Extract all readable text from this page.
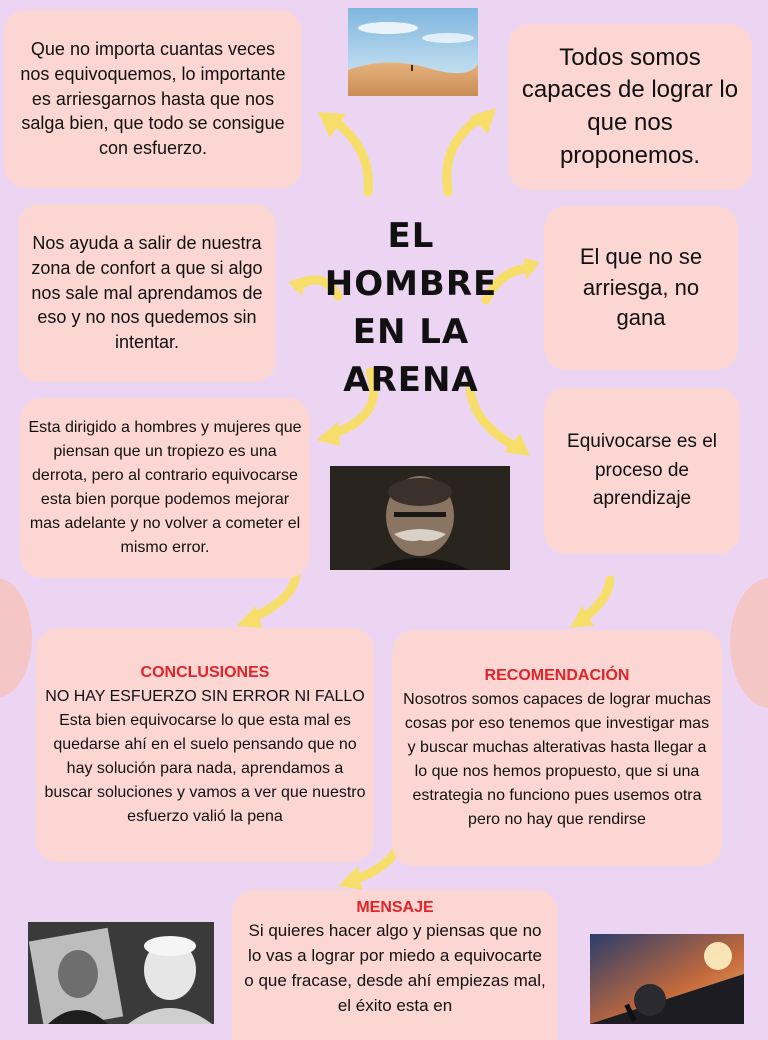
EL HOMBRE EN LA ARENA
Que no importa cuantas veces nos equivoquemos, lo importante es arriesgarnos hasta que nos salga bien, que todo se consigue con esfuerzo.
Todos somos capaces de lograr lo que nos proponemos.
Nos ayuda a salir de nuestra zona de confort a que si algo nos sale mal aprendamos de eso y no nos quedemos sin intentar.
El que no se arriesga, no gana
Esta dirigido a hombres y mujeres que piensan que un tropiezo es una derrota, pero al contrario equivocarse esta bien porque podemos mejorar mas adelante y no volver a cometer el mismo error.
Equivocarse es el proceso de aprendizaje
CONCLUSIONES
NO HAY ESFUERZO SIN ERROR NI FALLO
Esta bien equivocarse lo que esta mal es quedarse ahí en el suelo pensando que no hay solución para nada, aprendamos a buscar soluciones y vamos a ver que nuestro esfuerzo valió la pena
RECOMENDACIÓN
Nosotros somos capaces de lograr muchas cosas por eso tenemos que investigar mas y buscar muchas alterativas hasta llegar a lo que nos hemos propuesto, que si una estrategia no funciono pues usemos otra pero no hay que rendirse
MENSAJE
Si quieres hacer algo y piensas que no lo vas a lograr por miedo a equivocarte o que fracase, desde ahí empiezas mal, el éxito esta en
